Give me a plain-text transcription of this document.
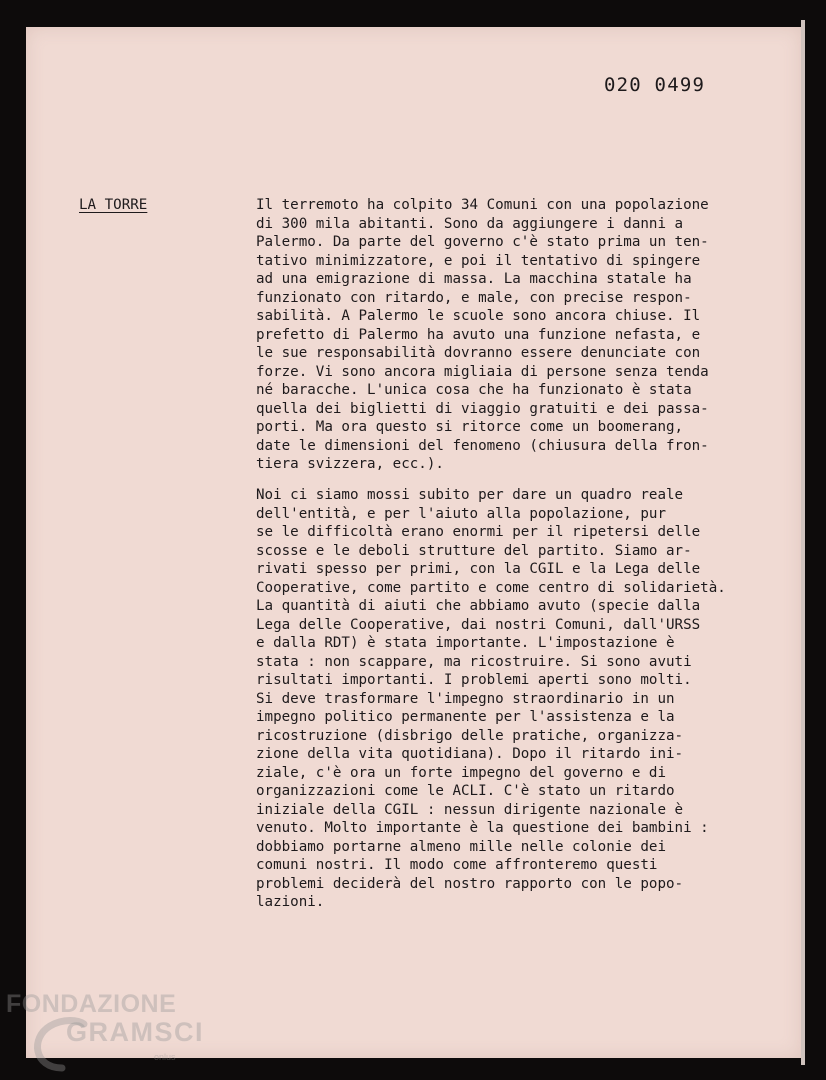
020 0499
LA TORRE	Il terremoto ha colpito 34 Comuni con una popolazione
di 300 mila abitanti. Sono da aggiungere i danni a
Palermo. Da parte del governo c'è stato prima un ten-
tativo minimizzatore, e poi il tentativo di spingere
ad una emigrazione di massa. La macchina statale ha
funzionato con ritardo, e male, con precise respon-
sabilità. A Palermo le scuole sono ancora chiuse. Il
prefetto di Palermo ha avuto una funzione nefasta, e
le sue responsabilità dovranno essere denunciate con
forze. Vi sono ancora migliaia di persone senza tenda
né baracche. L'unica cosa che ha funzionato è stata
quella dei biglietti di viaggio gratuiti e dei passa-
porti. Ma ora questo si ritorce come un boomerang,
date le dimensioni del fenomeno (chiusura della fron-
tiera svizzera, ecc.).
Noi ci siamo mossi subito per dare un quadro reale
dell'entità, e per l'aiuto alla popolazione, pur
se le difficoltà erano enormi per il ripetersi delle
scosse e le deboli strutture del partito. Siamo ar-
rivati spesso per primi, con la CGIL e la Lega delle
Cooperative, come partito e come centro di solidarietà.
La quantità di aiuti che abbiamo avuto (specie dalla
Lega delle Cooperative, dai nostri Comuni, dall'URSS
e dalla RDT) è stata importante. L'impostazione è
stata : non scappare, ma ricostruire. Si sono avuti
risultati importanti. I problemi aperti sono molti.
Si deve trasformare l'impegno straordinario in un
impegno politico permanente per l'assistenza e la
ricostruzione (disbrigo delle pratiche, organizza-
zione della vita quotidiana). Dopo il ritardo ini-
ziale, c'è ora un forte impegno del governo e di
organizzazioni come le ACLI. C'è stato un ritardo
iniziale della CGIL : nessun dirigente nazionale è
venuto. Molto importante è la questione dei bambini :
dobbiamo portarne almeno mille nelle colonie dei
comuni nostri. Il modo come affronteremo questi
problemi deciderà del nostro rapporto con le popo-
lazioni.
FONDAZIONE
GRAMSCI
onlus
